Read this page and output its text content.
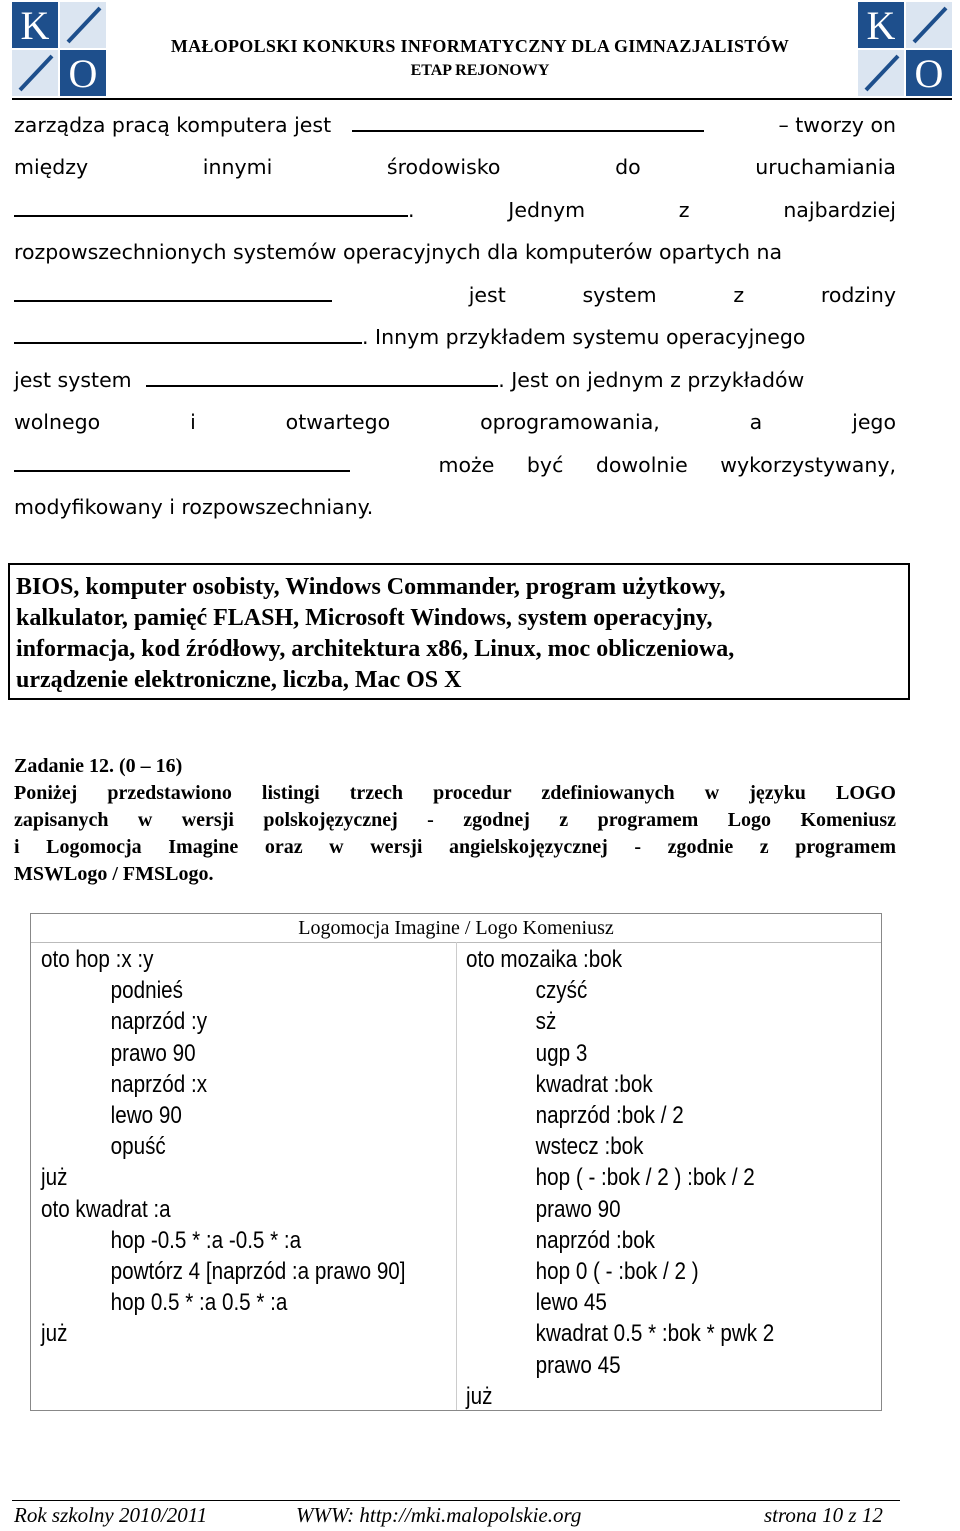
K
O
K
O
MAŁOPOLSKI KONKURS INFORMATYCZNY DLA GIMNAZJALISTÓW
ETAP REJONOWY
zarządza pracą komputera jest	– tworzy on
między	innymi	środowisko	do	uruchamiania
.	Jednym	z	najbardziej
rozpowszechnionych systemów operacyjnych dla komputerów opartych na
jest	system	z	rodziny
. Innym przykładem systemu operacyjnego
jest system	. Jest on jednym z przykładów
wolnego	i	otwartego	oprogramowania,	a	jego
może być dowolnie wykorzystywany,
modyfikowany i rozpowszechniany.
BIOS, komputer osobisty, Windows Commander, program użytkowy,
kalkulator, pamięć FLASH, Microsoft Windows, system operacyjny,
informacja, kod źródłowy, architektura x86, Linux, moc obliczeniowa,
urządzenie elektroniczne, liczba, Mac OS X
Zadanie 12. (0 – 16)
Poniżej przedstawiono listingi trzech procedur zdefiniowanych w języku LOGO
zapisanych w wersji polskojęzycznej - zgodnej z programem Logo Komeniusz
i Logomocja Imagine oraz w wersji angielskojęzycznej - zgodnie z programem
MSWLogo / FMSLogo.
Logomocja Imagine / Logo Komeniusz
oto hop :x :y
podnieś
naprzód :y
prawo 90
naprzód :x
lewo 90
opuść
już
oto kwadrat :a
hop -0.5 * :a -0.5 * :a
powtórz 4 [naprzód :a prawo 90]
hop 0.5 * :a 0.5 * :a
już
oto mozaika :bok
czyść
sż
ugp 3
kwadrat :bok
naprzód :bok / 2
wstecz :bok
hop ( - :bok / 2 ) :bok / 2
prawo 90
naprzód :bok
hop 0 ( - :bok / 2 )
lewo 45
kwadrat 0.5 * :bok * pwk 2
prawo 45
już
Rok szkolny 2010/2011	WWW: http://mki.malopolskie.org	strona 10 z 12
